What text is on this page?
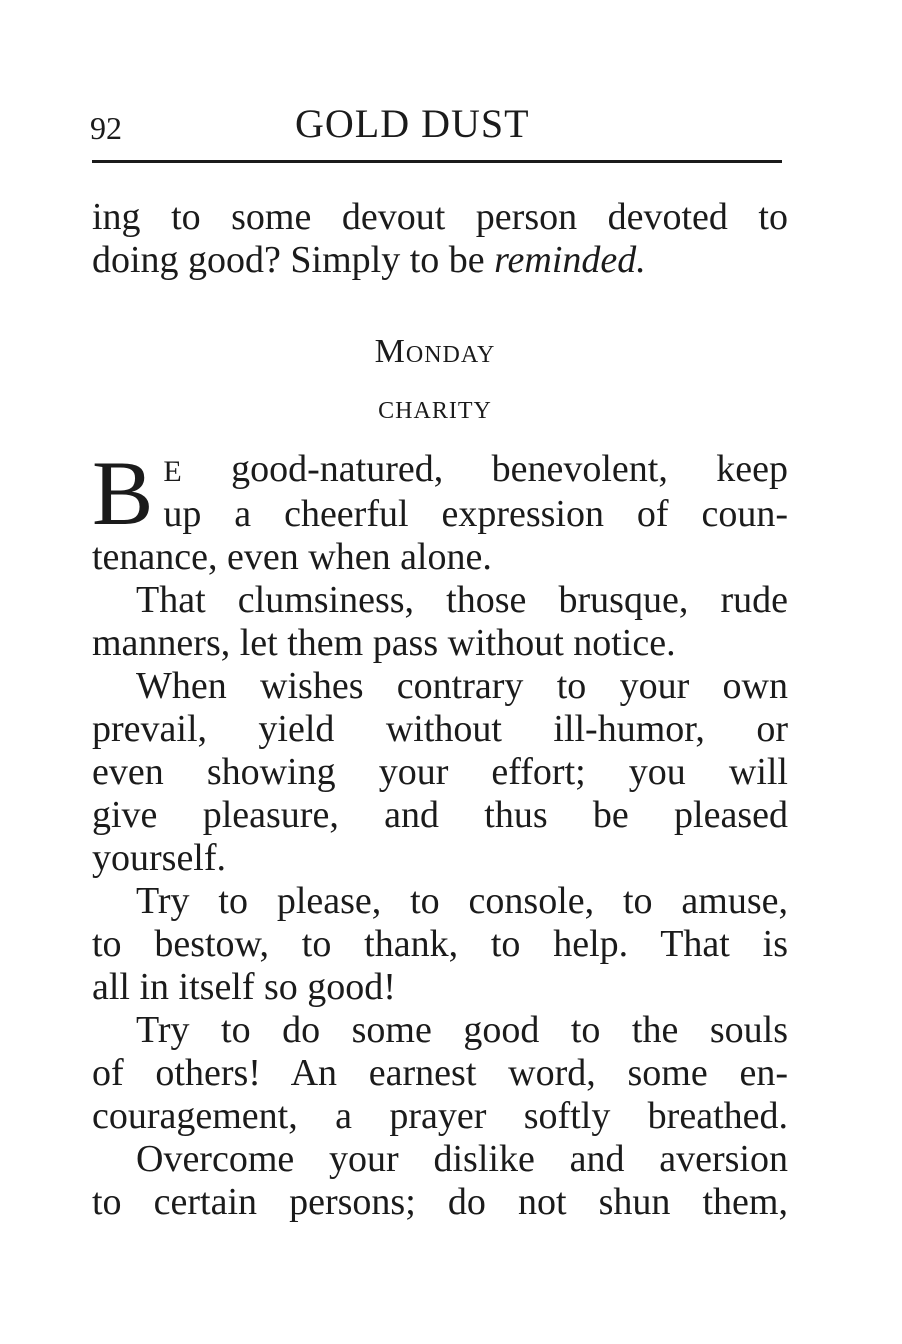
92	GOLD DUST
ing to some devout person devoted to
doing good? Simply to be reminded.
Monday
CHARITY
B E good-natured, benevolent, keep
up a cheerful expression of coun-
tenance, even when alone.
That clumsiness, those brusque, rude
manners, let them pass without notice.
When wishes contrary to your own
prevail, yield without ill-humor, or
even showing your effort; you will
give pleasure, and thus be pleased
yourself.
Try to please, to console, to amuse,
to bestow, to thank, to help. That is
all in itself so good!
Try to do some good to the souls
of others! An earnest word, some en-
couragement, a prayer softly breathed.
Overcome your dislike and aversion
to certain persons; do not shun them,
